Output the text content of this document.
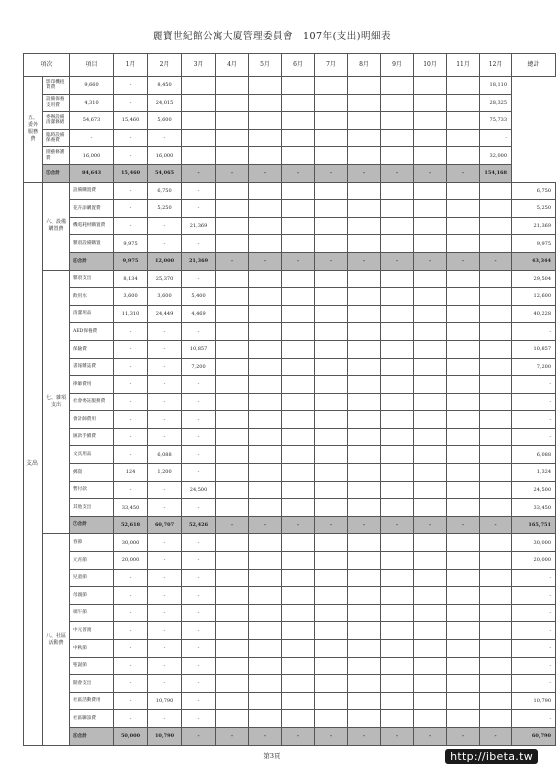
麗寶世紀館公寓大廈管理委員會　107年(支出)明細表
項次		項目	1月	2月	3月	4月	5月	6月	7月	8月	9月	10月	11月	12月	總計
五、委外服務費	影印機租賃費	9,660	-	8,450										18,110	
	設備保養支用費	4,310	-	24,015										28,325	
	委辦設備清潔修繕	54,673	15,460	5,600										75,733	
	臨時設備保養費	-	-	-										-	
	園藝修護費	16,000	-	16,000										32,000	
	⑤合計	84,643	15,460	54,065	-	-	-	-	-	-	-	-	-	154,168	
支出	六、設備購置費	設備購置費	-	6,750	-										6,750
		花卉添購置費	-	5,250	-										5,250
		機電耗材購置費	-	-	21,369										21,369
		雜項設備購置	9,975	-	-										9,975
		⑥合計	9,975	12,000	21,369	-	-	-	-	-	-	-	-	-	43,344
	七、雜項支出	雜項支出	8,134	25,370	-										29,504
		飲用水	3,600	3,600	5,400										12,600
		清潔用品	11,310	24,449	4,469										40,228
		AED保養費	-	-	-										-
		保險費	-	-	10,857										10,857
		書報雜誌費	-	-	7,200										7,200
		律師費用	-	-	-										-
		社會委託服務費	-	-	-										-
		會計師費用	-	-	-										-
		匯款手續費	-	-	-										-
		文具用品	-	6,088	-										6,088
		郵資	124	1,200	-										1,324
		暫付款	-	-	24,500										24,500
		其他支出	33,450	-	-										33,450
		⑦合計	52,618	60,707	52,426	-	-	-	-	-	-	-	-	-	165,751
	八、社區活動費	春節	30,000	-	-										30,000
		元宵節	20,000	-	-										20,000
		兒童節	-	-	-										-
		母親節	-	-	-										-
		端午節	-	-	-										-
		中元普渡	-	-	-										-
		中秋節	-	-	-										-
		聖誕節	-	-	-										-
		開會支出	-	-	-										-
		社區活動費用	-	10,790	-										10,790
		社區聯誼費	-	-	-										-
		⑧合計	50,000	10,790	-	-	-	-	-	-	-	-	-	-	60,790
第3頁	http://ibeta.tw
